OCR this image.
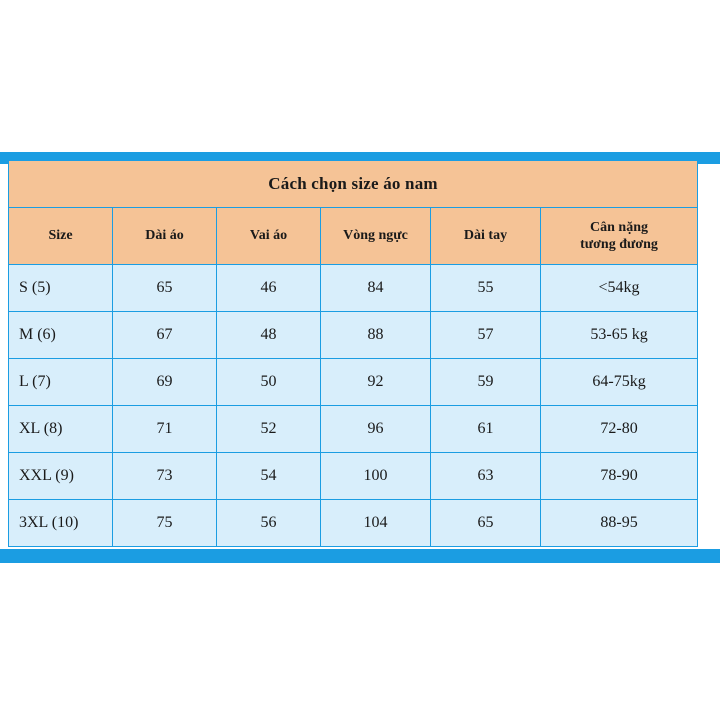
Cách chọn size áo nam					
Size	Dài áo	Vai áo	Vòng ngực	Dài tay	Cân nặng
tương đương

S (5)	65	46	84	55	<54kg
M (6)	67	48	88	57	53-65 kg
L (7)	69	50	92	59	64-75kg
XL (8)	71	52	96	61	72-80
XXL (9)	73	54	100	63	78-90
3XL (10)	75	56	104	65	88-95
